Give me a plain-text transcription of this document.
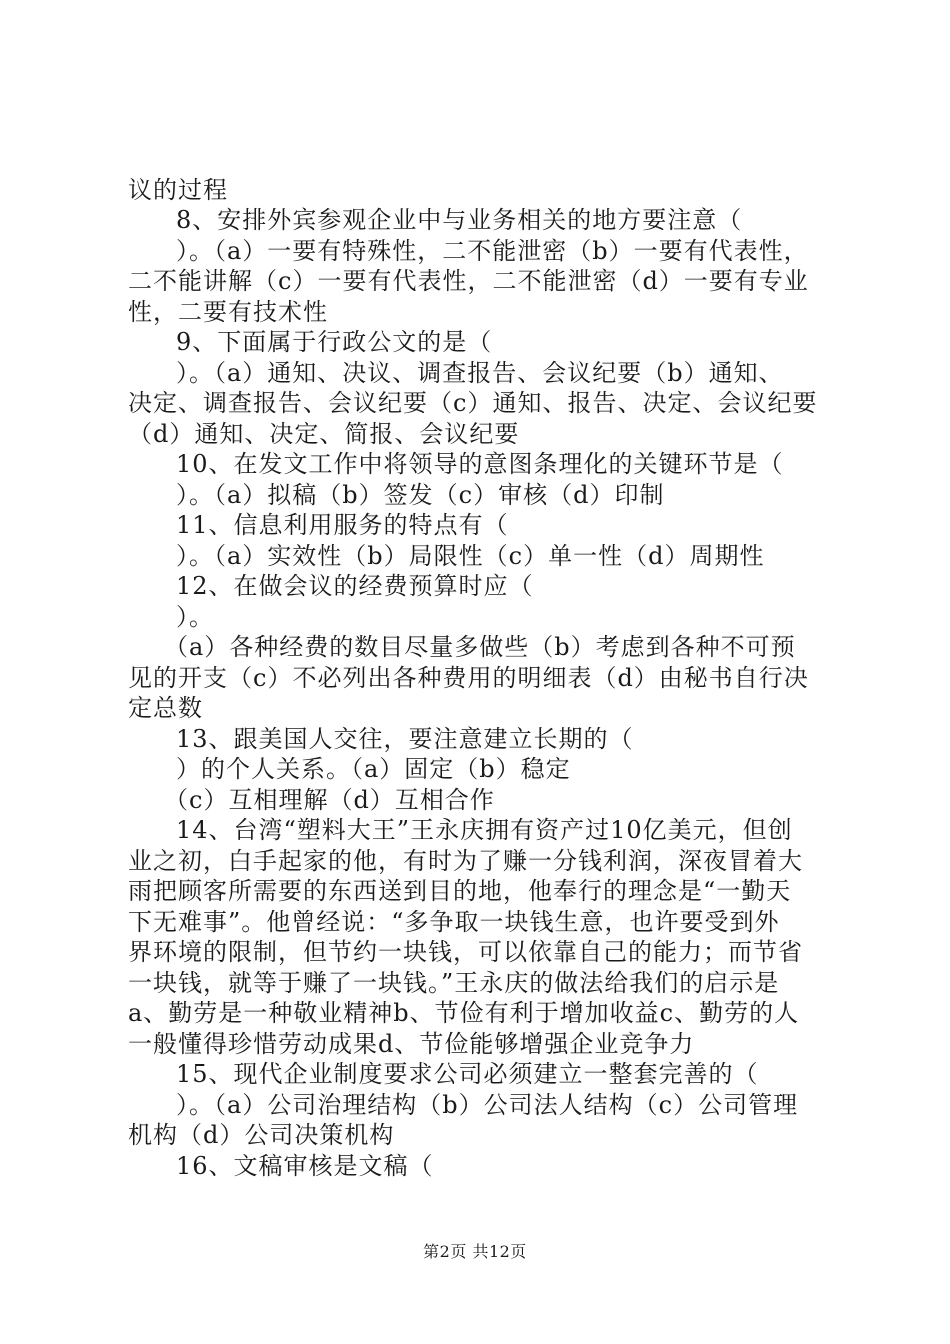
议的过程
8、安排外宾参观企业中与业务相关的地方要注意（
）。（a）一要有特殊性，二不能泄密（b）一要有代表性，
二不能讲解（c）一要有代表性，二不能泄密（d）一要有专业
性，二要有技术性
9、下面属于行政公文的是（
）。（a）通知、决议、调查报告、会议纪要（b）通知、
决定、调查报告、会议纪要（c）通知、报告、决定、会议纪要
（d）通知、决定、简报、会议纪要
10、在发文工作中将领导的意图条理化的关键环节是（
）。（a）拟稿（b）签发（c）审核（d）印制
11、信息利用服务的特点有（
）。（a）实效性（b）局限性（c）单一性（d）周期性
12、在做会议的经费预算时应（
）。
（a）各种经费的数目尽量多做些（b）考虑到各种不可预
见的开支（c）不必列出各种费用的明细表（d）由秘书自行决
定总数
13、跟美国人交往，要注意建立长期的（
）的个人关系。（a）固定（b）稳定
（c）互相理解（d）互相合作
14、台湾“塑料大王”王永庆拥有资产过10亿美元，但创
业之初，白手起家的他，有时为了赚一分钱利润，深夜冒着大
雨把顾客所需要的东西送到目的地，他奉行的理念是“一勤天
下无难事”。他曾经说：“多争取一块钱生意，也许要受到外
界环境的限制，但节约一块钱，可以依靠自己的能力；而节省
一块钱，就等于赚了一块钱。”王永庆的做法给我们的启示是
a、勤劳是一种敬业精神b、节俭有利于增加收益c、勤劳的人
一般懂得珍惜劳动成果d、节俭能够增强企业竞争力
15、现代企业制度要求公司必须建立一整套完善的（
）。（a）公司治理结构（b）公司法人结构（c）公司管理
机构（d）公司决策机构
16、文稿审核是文稿（
第2页 共12页
